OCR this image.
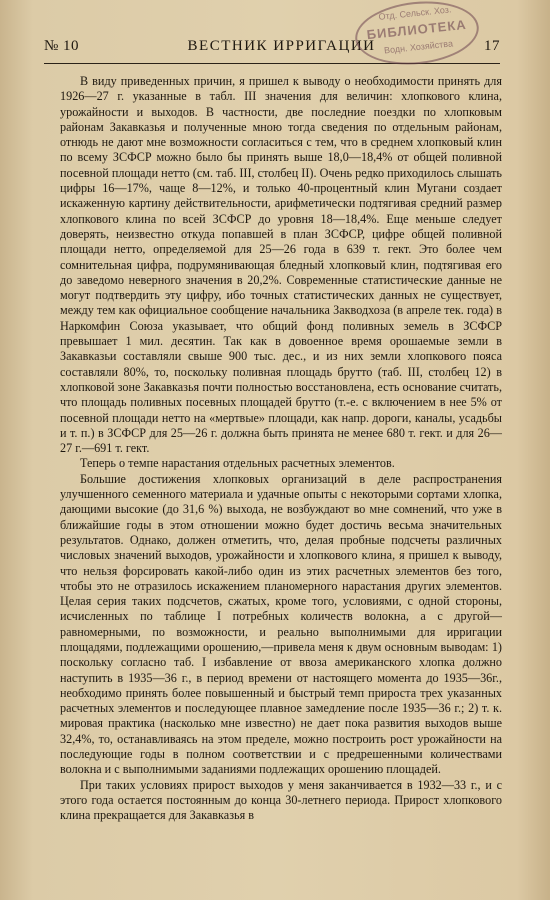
№ 10	ВЕСТНИК ИРРИГАЦИИ	17
Отд. Сельск. Хоз.
БИБЛИОТЕКА
Водн. Хозяйства

В виду приведенных причин, я пришел к выводу о необходимости принять для 1926—27 г. указанные в табл. III значения для величин: хлопкового клина, урожайности и выходов. В частности, две последние поездки по хлопковым районам Закавказья и полученные мною тогда сведения по отдельным районам, отнюдь не дают мне возможности согласиться с тем, что в среднем хлопковый клин по всему ЗСФСР можно было бы принять выше 18,0—18,4% от общей поливной посевной площади нетто (см. таб. III, столбец II). Очень редко приходилось слышать цифры 16—17%, чаще 8—12%, и только 40-процентный клин Мугани создает искаженную картину действительности, арифметически подтягивая средний размер хлопкового клина по всей ЗСФСР до уровня 18—18,4%. Еще меньше следует доверять, неизвестно откуда попавшей в план ЗСФСР, цифре общей поливной площади нетто, определяемой для 25—26 года в 639 т. гект. Это более чем сомнительная цифра, подрумянивающая бледный хлопковый клин, подтягивая его до заведомо неверного значения в 20,2%. Современные статистические данные не могут подтвердить эту цифру, ибо точных статистических данных не существует, между тем как официальное сообщение начальника Закводхоза (в апреле тек. года) в Наркомфин Союза указывает, что общий фонд поливных земель в ЗСФСР превышает 1 мил. десятин. Так как в довоенное время орошаемые земли в Закавказьи составляли свыше 900 тыс. дес., и из них земли хлопкового пояса составляли 80%, то, поскольку поливная площадь брутто (таб. III, столбец 12) в хлопковой зоне Закавказья почти полностью восстановлена, есть основание считать, что площадь поливных посевных площадей брутто (т.-е. с включением в нее 5% от посевной площади нетто на «мертвые» площади, как напр. дороги, каналы, усадьбы и т. п.) в ЗСФСР для 25—26 г. должна быть принята не менее 680 т. гект. и для 26—27 г.—691 т. гект.

Теперь о темпе нарастания отдельных расчетных элементов.

Большие достижения хлопковых организаций в деле распространения улучшенного семенного материала и удачные опыты с некоторыми сортами хлопка, дающими высокие (до 31,6 %) выхода, не возбуждают во мне сомнений, что уже в ближайшие годы в этом отношении можно будет достичь весьма значительных результатов. Однако, должен отметить, что, делая пробные подсчеты различных числовых значений выходов, урожайности и хлопкового клина, я пришел к выводу, что нельзя форсировать какой-либо один из этих расчетных элементов без того, чтобы это не отразилось искажением планомерного нарастания других элементов. Целая серия таких подсчетов, сжатых, кроме того, условиями, с одной стороны, исчисленных по таблице I потребных количеств волокна, а с другой—равномерными, по возможности, и реально выполнимыми для ирригации площадями, подлежащими орошению,—привела меня к двум основным выводам: 1) поскольку согласно таб. I избавление от ввоза американского хлопка должно наступить в 1935—36 г., в период времени от настоящего момента до 1935—36г., необходимо принять более повышенный и быстрый темп прироста трех указанных расчетных элементов и последующее плавное замедление после 1935—36 г.; 2) т. к. мировая практика (насколько мне известно) не дает пока развития выходов выше 32,4%, то, останавливаясь на этом пределе, можно построить рост урожайности на последующие годы в полном соответствии и с предрешенными количествами волокна и с выполнимыми заданиями подлежащих орошению площадей.

При таких условиях прирост выходов у меня заканчивается в 1932—33 г., и с этого года остается постоянным до конца 30-летнего периода. Прирост хлопкового клина прекращается для Закавказья в
